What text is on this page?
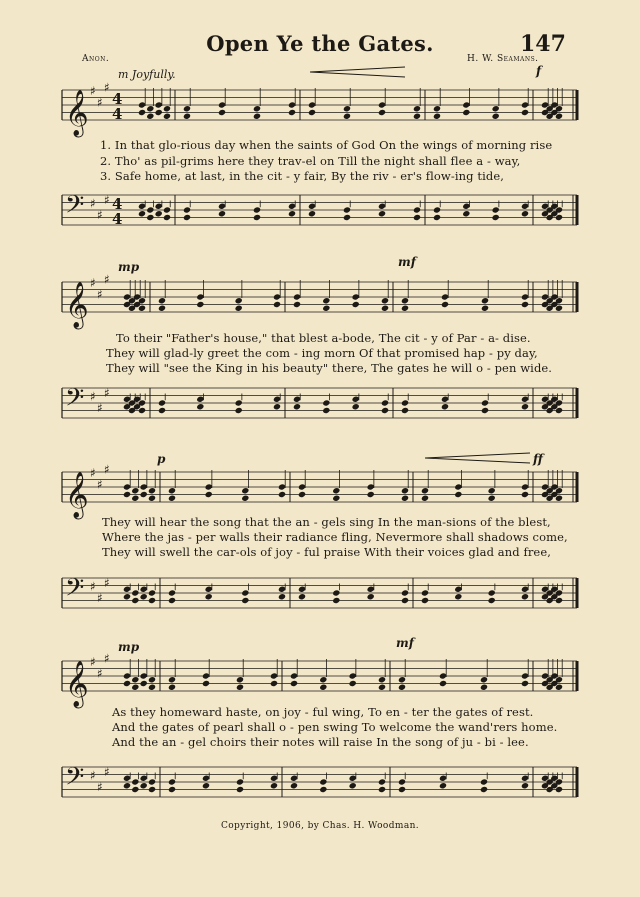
Anon.
Open Ye the Gates.	147
H. W. Seamans.
m Joyfully.	f
mp	mf
p	ff
mp	mf
𝄞 ♯
♯
♯
4
4
𝄢 ♯
♯
♯ 4
4
𝄞 ♯
♯
♯
𝄢 ♯
♯
♯
𝄞 ♯
♯
♯
𝄢 ♯
♯
♯
𝄞 ♯
♯
♯
𝄢 ♯
♯
♯
1. In that glo-rious day when the saints of God On the wings of morning rise
2. Tho' as pil-grims here they trav-el on Till the night shall flee a - way,
3. Safe home, at last, in the cit - y fair, By the riv - er's flow-ing tide,
To their "Father's house," that blest a-bode, The cit - y of Par - a- dise.
They will glad-ly greet the com - ing morn Of that promised hap - py day,
They will "see the King in his beauty" there, The gates he will o - pen wide.
They will hear the song that the an - gels sing In the man-sions of the blest,
Where the jas - per walls their radiance fling, Nevermore shall shadows come,
They will swell the car-ols of joy - ful praise With their voices glad and free,
As they homeward haste, on joy - ful wing, To en - ter the gates of rest.
And the gates of pearl shall o - pen swing To welcome the wand'rers home.
And the an - gel choirs their notes will raise In the song of ju - bi - lee.
Copyright, 1906, by Chas. H. Woodman.
